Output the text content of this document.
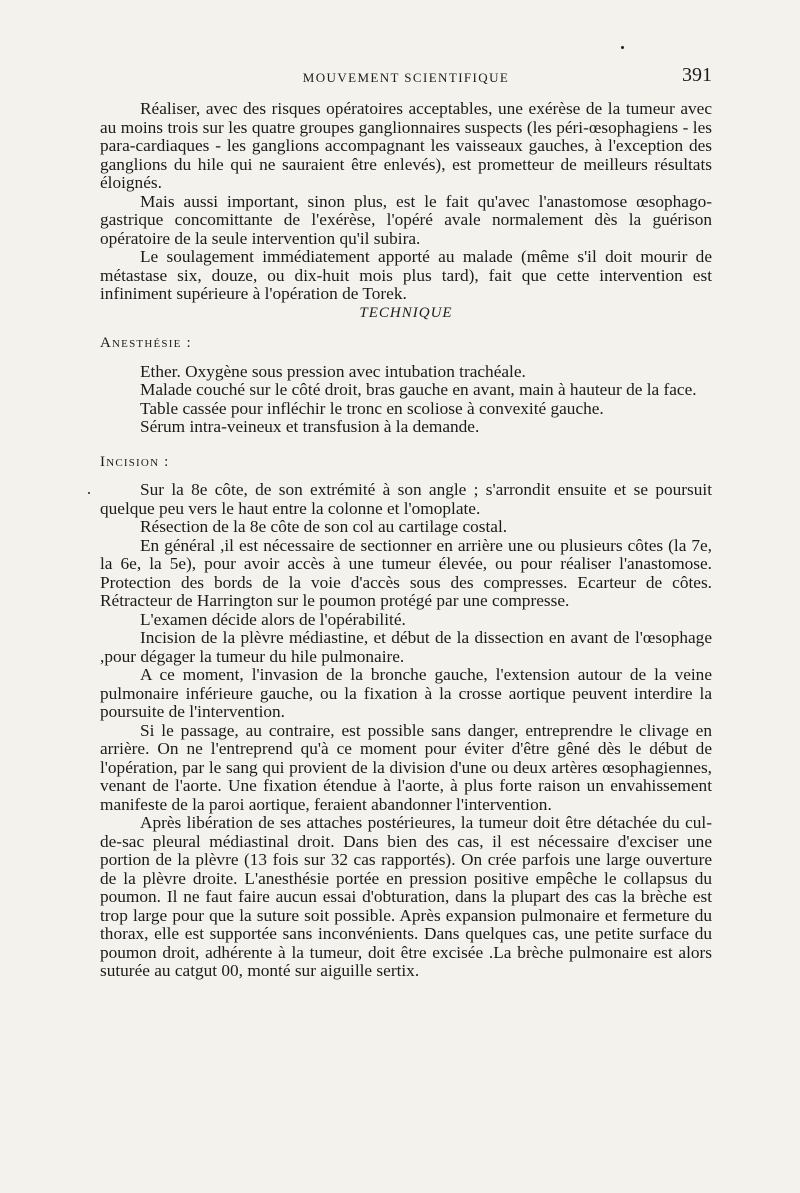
MOUVEMENT SCIENTIFIQUE	391

Réaliser, avec des risques opératoires acceptables, une exérèse de la tumeur avec au moins trois sur les quatre groupes ganglionnaires suspects (les péri-œsophagiens - les para-cardiaques - les ganglions accompagnant les vaisseaux gauches, à l'exception des ganglions du hile qui ne sauraient être enlevés), est prometteur de meilleurs résultats éloignés.

Mais aussi important, sinon plus, est le fait qu'avec l'anastomose œsophago-gastrique concomittante de l'exérèse, l'opéré avale normalement dès la guérison opératoire de la seule intervention qu'il subira.

Le soulagement immédiatement apporté au malade (même s'il doit mourir de métastase six, douze, ou dix-huit mois plus tard), fait que cette intervention est infiniment supérieure à l'opération de Torek.

TECHNIQUE

Anesthésie :

Ether. Oxygène sous pression avec intubation trachéale.

Malade couché sur le côté droit, bras gauche en avant, main à hauteur de la face.

Table cassée pour infléchir le tronc en scoliose à convexité gauche.

Sérum intra-veineux et transfusion à la demande.

Incision :

Sur la 8e côte, de son extrémité à son angle ; s'arrondit ensuite et se poursuit quelque peu vers le haut entre la colonne et l'omoplate.

Résection de la 8e côte de son col au cartilage costal.

En général ,il est nécessaire de sectionner en arrière une ou plusieurs côtes (la 7e, la 6e, la 5e), pour avoir accès à une tumeur élevée, ou pour réaliser l'anastomose. Protection des bords de la voie d'accès sous des compresses. Ecarteur de côtes. Rétracteur de Harrington sur le poumon protégé par une compresse.

L'examen décide alors de l'opérabilité.

Incision de la plèvre médiastine, et début de la dissection en avant de l'œsophage ,pour dégager la tumeur du hile pulmonaire.

A ce moment, l'invasion de la bronche gauche, l'extension autour de la veine pulmonaire inférieure gauche, ou la fixation à la crosse aortique peuvent interdire la poursuite de l'intervention.

Si le passage, au contraire, est possible sans danger, entreprendre le clivage en arrière. On ne l'entreprend qu'à ce moment pour éviter d'être gêné dès le début de l'opération, par le sang qui provient de la division d'une ou deux artères œsophagiennes, venant de l'aorte. Une fixation étendue à l'aorte, à plus forte raison un envahissement manifeste de la paroi aortique, feraient abandonner l'intervention.

Après libération de ses attaches postérieures, la tumeur doit être détachée du cul-de-sac pleural médiastinal droit. Dans bien des cas, il est nécessaire d'exciser une portion de la plèvre (13 fois sur 32 cas rapportés). On crée parfois une large ouverture de la plèvre droite. L'anesthésie portée en pression positive empêche le collapsus du poumon. Il ne faut faire aucun essai d'obturation, dans la plupart des cas la brèche est trop large pour que la suture soit possible. Après expansion pulmonaire et fermeture du thorax, elle est supportée sans inconvénients. Dans quelques cas, une petite surface du poumon droit, adhérente à la tumeur, doit être excisée .La brèche pulmonaire est alors suturée au catgut 00, monté sur aiguille sertix.
